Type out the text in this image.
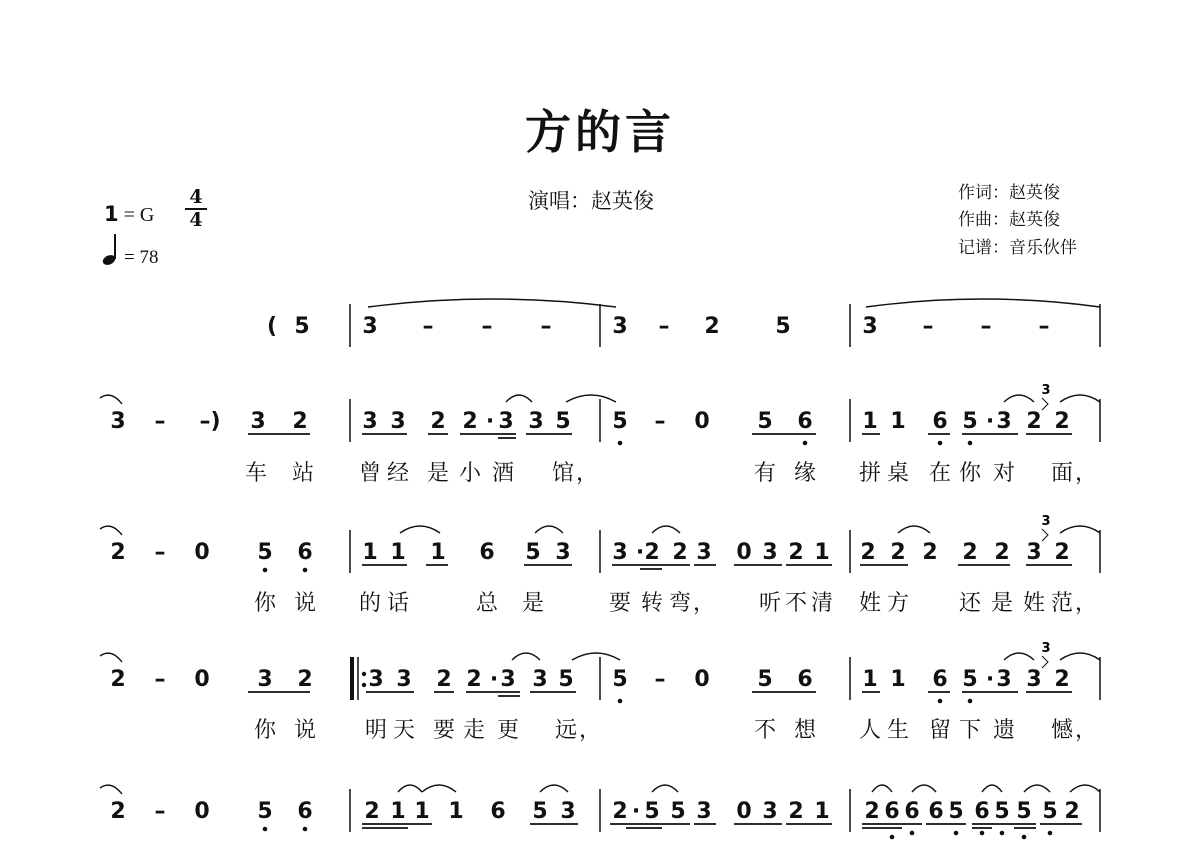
方的言
演唱：赵英俊	作词：赵英俊
作曲：赵英俊
记谱：音乐伙伴
1 = G
4
4
= 78
3
3
3
( 5 3 – – –	3 – 2	5	3 – – –
3 – –) 3 2 3 3 2 2 · 3 3 5 5 – 0 5 6 1 1 6 5 · 3 2 2
车 站 曾 经 是 小 酒 馆 ，	有 缘 拼 桌 在 你 对 面 ，
2 – 0 5 6 1 1 1 6 5 3 3 · 2 2 3 0 3 2 1 2 2 2 2 2 3 2
你 说 的 话	总 是	要 转 弯 ， 听 不 清 姓 方 还 是 姓 范 ，
2 – 0 3 2	3 3 2 2 · 3 3 5 5 – 0 5 6 1 1 6 5 · 3 3 2
你 说 明 天 要 走 更 远 ，	不 想 人 生 留 下 遗 憾 ，
2 – 0 5 6 2 1 1 1 6 5 3 2 · 5 5 3 0 3 2 1 2 6 6 6 5 6 5 5 5 2
